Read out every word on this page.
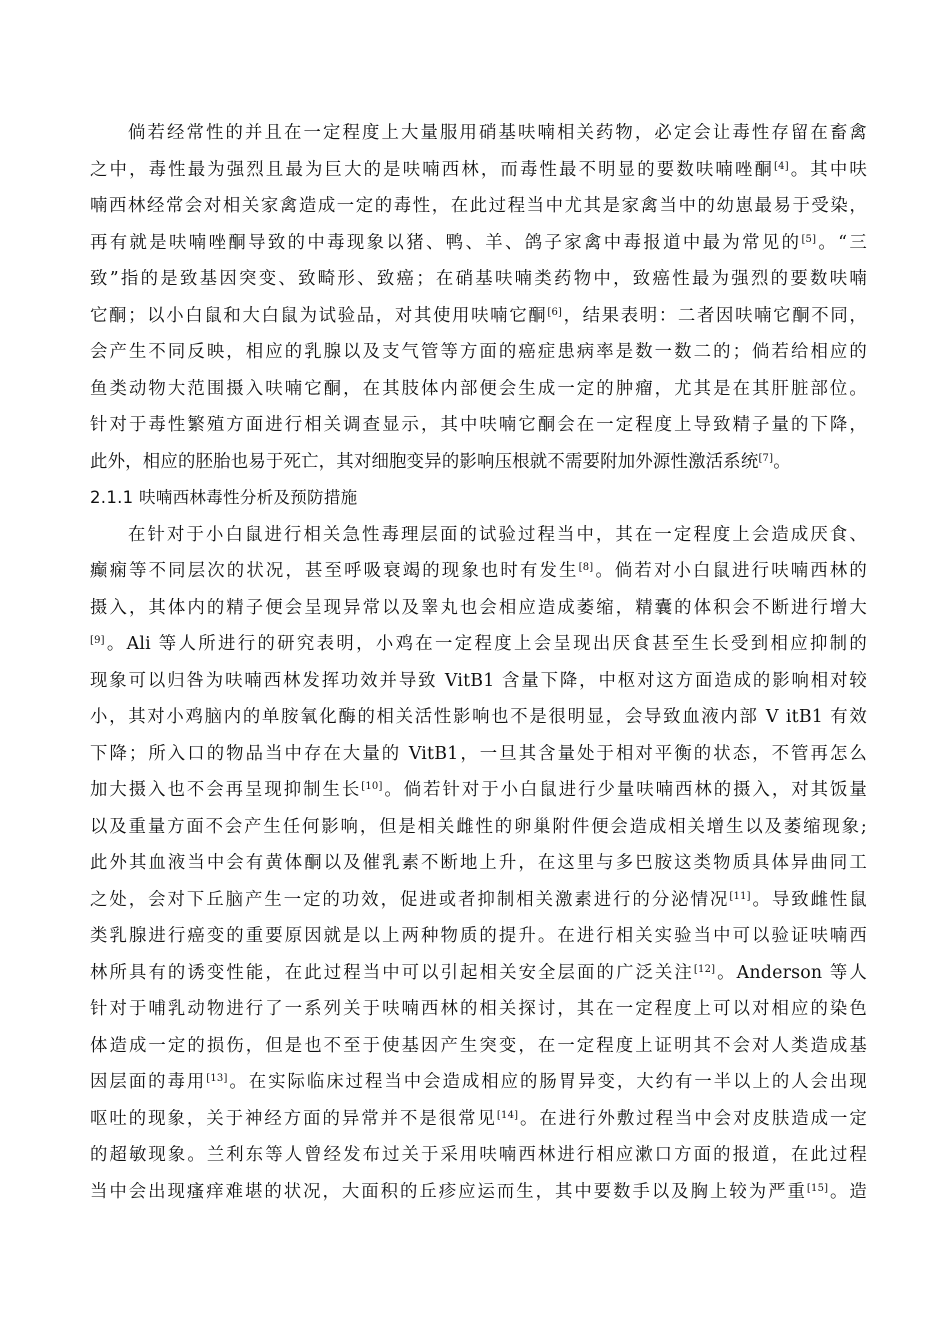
倘若经常性的并且在一定程度上大量服用硝基呋喃相关药物，必定会让毒性存留在畜禽
之中，毒性最为强烈且最为巨大的是呋喃西林，而毒性最不明显的要数呋喃唑酮[4]。其中呋
喃西林经常会对相关家禽造成一定的毒性，在此过程当中尤其是家禽当中的幼崽最易于受染，
再有就是呋喃唑酮导致的中毒现象以猪、鸭、羊、鸽子家禽中毒报道中最为常见的[5]。“三
致”指的是致基因突变、致畸形、致癌；在硝基呋喃类药物中，致癌性最为强烈的要数呋喃
它酮；以小白鼠和大白鼠为试验品，对其使用呋喃它酮[6]，结果表明：二者因呋喃它酮不同，
会产生不同反映，相应的乳腺以及支气管等方面的癌症患病率是数一数二的；倘若给相应的
鱼类动物大范围摄入呋喃它酮，在其肢体内部便会生成一定的肿瘤，尤其是在其肝脏部位。
针对于毒性繁殖方面进行相关调查显示，其中呋喃它酮会在一定程度上导致精子量的下降，
此外，相应的胚胎也易于死亡，其对细胞变异的影响压根就不需要附加外源性激活系统[7]。
2.1.1 呋喃西林毒性分析及预防措施
在针对于小白鼠进行相关急性毒理层面的试验过程当中，其在一定程度上会造成厌食、
癫痫等不同层次的状况，甚至呼吸衰竭的现象也时有发生[8]。倘若对小白鼠进行呋喃西林的
摄入，其体内的精子便会呈现异常以及睾丸也会相应造成萎缩，精囊的体积会不断进行增大
[9]。Ali 等人所进行的研究表明，小鸡在一定程度上会呈现出厌食甚至生长受到相应抑制的
现象可以归咎为呋喃西林发挥功效并导致 VitB1 含量下降，中枢对这方面造成的影响相对较
小，其对小鸡脑内的单胺氧化酶的相关活性影响也不是很明显，会导致血液内部 V itB1 有效
下降；所入口的物品当中存在大量的 VitB1，一旦其含量处于相对平衡的状态，不管再怎么
加大摄入也不会再呈现抑制生长[10]。倘若针对于小白鼠进行少量呋喃西林的摄入，对其饭量
以及重量方面不会产生任何影响，但是相关雌性的卵巢附件便会造成相关增生以及萎缩现象;
此外其血液当中会有黄体酮以及催乳素不断地上升，在这里与多巴胺这类物质具体异曲同工
之处，会对下丘脑产生一定的功效，促进或者抑制相关激素进行的分泌情况[11]。导致雌性鼠
类乳腺进行癌变的重要原因就是以上两种物质的提升。在进行相关实验当中可以验证呋喃西
林所具有的诱变性能，在此过程当中可以引起相关安全层面的广泛关注[12]。Anderson 等人
针对于哺乳动物进行了一系列关于呋喃西林的相关探讨，其在一定程度上可以对相应的染色
体造成一定的损伤，但是也不至于使基因产生突变，在一定程度上证明其不会对人类造成基
因层面的毒用[13]。在实际临床过程当中会造成相应的肠胃异变，大约有一半以上的人会出现
呕吐的现象，关于神经方面的异常并不是很常见[14]。在进行外敷过程当中会对皮肤造成一定
的超敏现象。兰利东等人曾经发布过关于采用呋喃西林进行相应漱口方面的报道，在此过程
当中会出现瘙痒难堪的状况，大面积的丘疹应运而生，其中要数手以及胸上较为严重[15]。造
